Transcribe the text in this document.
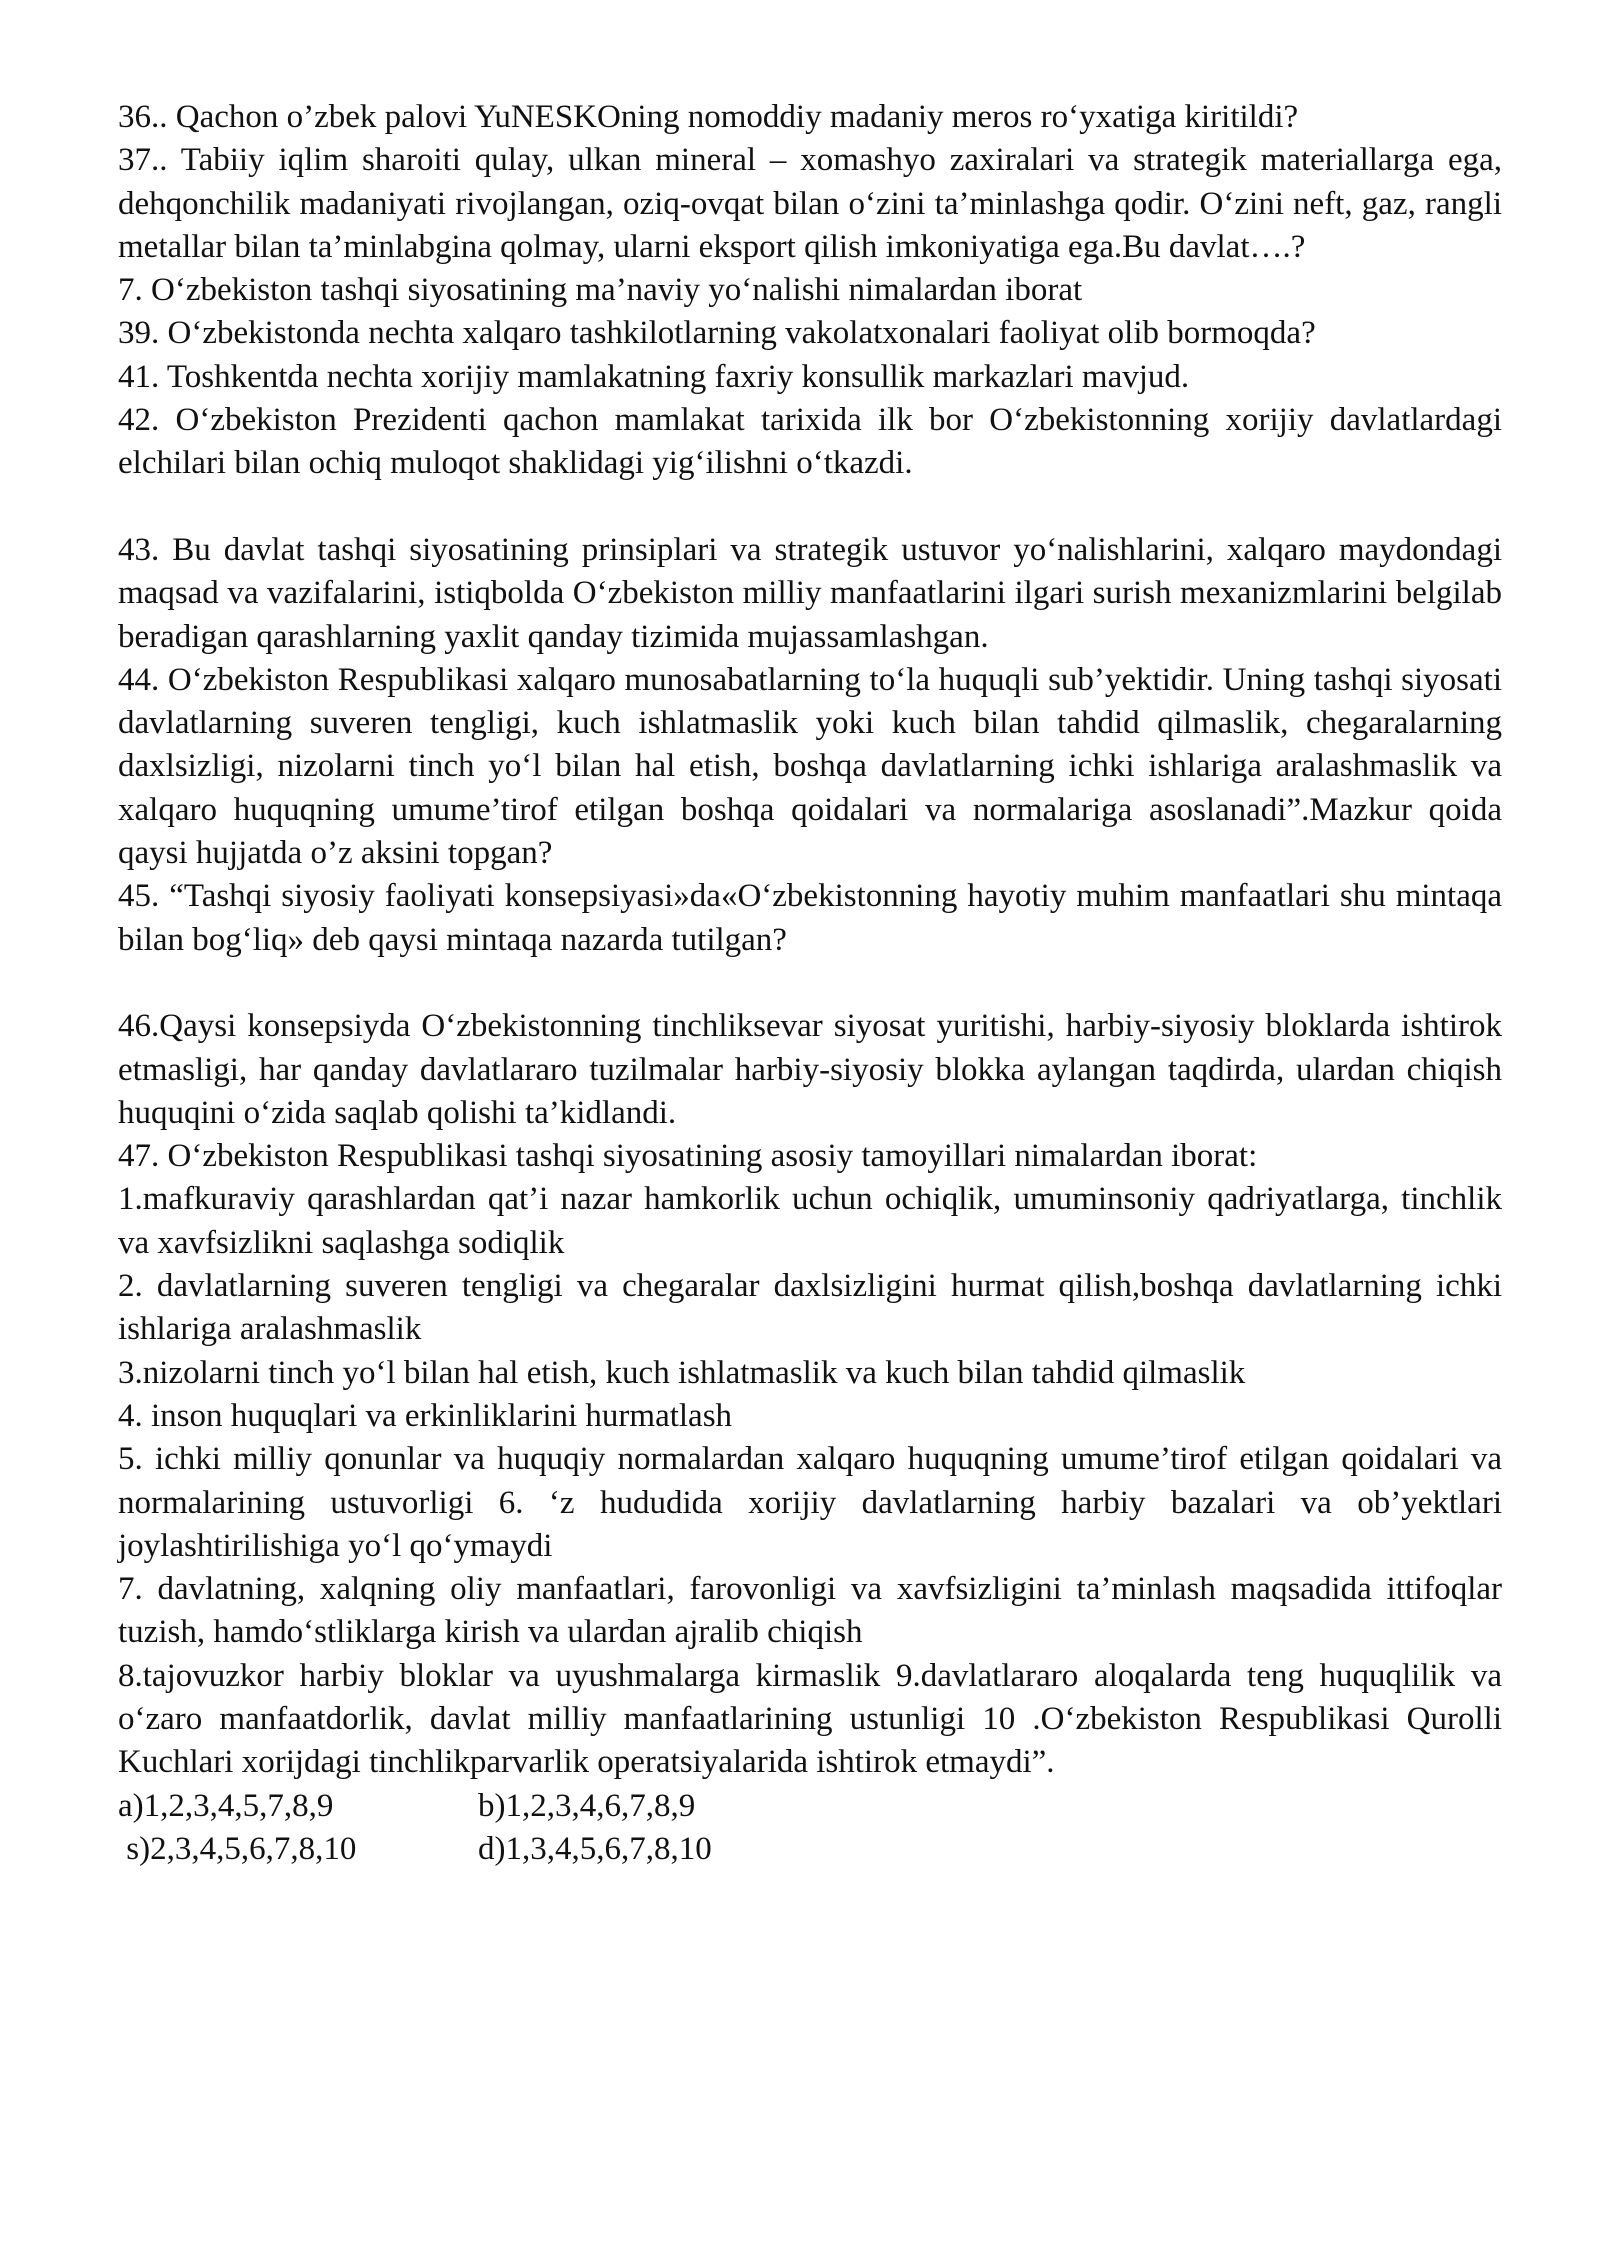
36.. Qachon o’zbek palovi YuNESKOning nomoddiy madaniy meros ro‘yxatiga kiritildi?

37.. Tabiiy iqlim sharoiti qulay, ulkan mineral – xomashyo zaxiralari va strategik materiallarga ega, dehqonchilik madaniyati rivojlangan, oziq-ovqat bilan o‘zini ta’minlashga qodir. O‘zini neft, gaz, rangli metallar bilan ta’minlabgina qolmay, ularni eksport qilish imkoniyatiga ega.Bu davlat….?

7. O‘zbekiston tashqi siyosatining ma’naviy yo‘nalishi nimalardan iborat

39. O‘zbekistonda nechta xalqaro tashkilotlarning vakolatxonalari faoliyat olib bormoqda?

41. Toshkentda nechta xorijiy mamlakatning faxriy konsullik markazlari mavjud.

42. O‘zbekiston Prezidenti qachon mamlakat tarixida ilk bor O‘zbekistonning xorijiy davlatlardagi elchilari bilan ochiq muloqot shaklidagi yig‘ilishni o‘tkazdi.

43. Bu davlat tashqi siyosatining prinsiplari va strategik ustuvor yo‘nalishlarini, xalqaro maydondagi maqsad va vazifalarini, istiqbolda O‘zbekiston milliy manfaatlarini ilgari surish mexanizmlarini belgilab beradigan qarashlarning yaxlit qanday tizimida mujassamlashgan.

44. O‘zbekiston Respublikasi xalqaro munosabatlarning to‘la huquqli sub’yektidir. Uning tashqi siyosati davlatlarning suveren tengligi, kuch ishlatmaslik yoki kuch bilan tahdid qilmaslik, chegaralarning daxlsizligi, nizolarni tinch yo‘l bilan hal etish, boshqa davlatlarning ichki ishlariga aralashmaslik va xalqaro huquqning umume’tirof etilgan boshqa qoidalari va normalariga asoslanadi”.Mazkur qoida qaysi hujjatda o’z aksini topgan?

45. “Tashqi siyosiy faoliyati konsepsiyasi»da«O‘zbekistonning hayotiy muhim manfaatlari shu mintaqa bilan bog‘liq» deb qaysi mintaqa nazarda tutilgan?

46.Qaysi konsepsiyda O‘zbekistonning tinchliksevar siyosat yuritishi, harbiy-siyosiy bloklarda ishtirok etmasligi, har qanday davlatlararo tuzilmalar harbiy-siyosiy blokka aylangan taqdirda, ulardan chiqish huquqini o‘zida saqlab qolishi ta’kidlandi.

47. O‘zbekiston Respublikasi tashqi siyosatining asosiy tamoyillari nimalardan iborat:

1.mafkuraviy qarashlardan qat’i nazar hamkorlik uchun ochiqlik, umuminsoniy qadriyatlarga, tinchlik va xavfsizlikni saqlashga sodiqlik

2. davlatlarning suveren tengligi va chegaralar daxlsizligini hurmat qilish,boshqa davlatlarning ichki ishlariga aralashmaslik

3.nizolarni tinch yo‘l bilan hal etish, kuch ishlatmaslik va kuch bilan tahdid qilmaslik

4. inson huquqlari va erkinliklarini hurmatlash

5. ichki milliy qonunlar va huquqiy normalardan xalqaro huquqning umume’tirof etilgan qoidalari va normalarining ustuvorligi 6. ‘z hududida xorijiy davlatlarning harbiy bazalari va ob’yektlari joylashtirilishiga yo‘l qo‘ymaydi

7. davlatning, xalqning oliy manfaatlari, farovonligi va xavfsizligini ta’minlash maqsadida ittifoqlar tuzish, hamdo‘stliklarga kirish va ulardan ajralib chiqish

8.tajovuzkor harbiy bloklar va uyushmalarga kirmaslik 9.davlatlararo aloqalarda teng huquqlilik va o‘zaro manfaatdorlik, davlat milliy manfaatlarining ustunligi 10 .O‘zbekiston Respublikasi Qurolli Kuchlari xorijdagi tinchlikparvarlik operatsiyalarida ishtirok etmaydi”.

a)1,2,3,4,5,7,8,9	b)1,2,3,4,6,7,8,9
s)2,3,4,5,6,7,8,10	d)1,3,4,5,6,7,8,10
